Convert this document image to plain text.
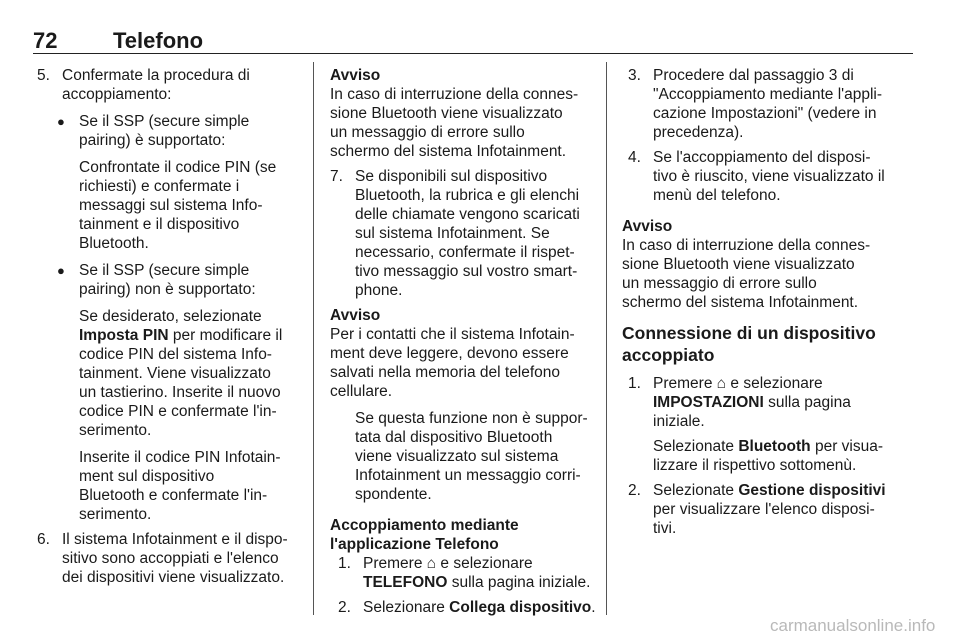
72	Telefono
5. Confermate la procedura di

accoppiamento:

● Se il SSP (secure simple

pairing) è supportato:

Confrontate il codice PIN (se

richiesti) e confermate i

messaggi sul sistema Info-

tainment e il dispositivo

Bluetooth.

● Se il SSP (secure simple

pairing) non è supportato:

Se desiderato, selezionate

Imposta PIN per modificare il

codice PIN del sistema Info-

tainment. Viene visualizzato

un tastierino. Inserite il nuovo

codice PIN e confermate l'in-

serimento.

Inserite il codice PIN Infotain-

ment sul dispositivo

Bluetooth e confermate l'in-

serimento.

6. Il sistema Infotainment e il dispo-

sitivo sono accoppiati e l'elenco

dei dispositivi viene visualizzato.

Avviso

In caso di interruzione della connes-

sione Bluetooth viene visualizzato

un messaggio di errore sullo

schermo del sistema Infotainment.

7. Se disponibili sul dispositivo

Bluetooth, la rubrica e gli elenchi

delle chiamate vengono scaricati

sul sistema Infotainment. Se

necessario, confermate il rispet-

tivo messaggio sul vostro smart-

phone.

Avviso

Per i contatti che il sistema Infotain-

ment deve leggere, devono essere

salvati nella memoria del telefono

cellulare.

Se questa funzione non è suppor-

tata dal dispositivo Bluetooth

viene visualizzato sul sistema

Infotainment un messaggio corri-

spondente.

Accoppiamento mediante

l'applicazione Telefono

1. Premere ⌂ e selezionare

TELEFONO sulla pagina iniziale.

2. Selezionare Collega dispositivo.

3. Procedere dal passaggio 3 di

"Accoppiamento mediante l'appli-

cazione Impostazioni" (vedere in

precedenza).

4. Se l'accoppiamento del disposi-

tivo è riuscito, viene visualizzato il

menù del telefono.

Avviso

In caso di interruzione della connes-

sione Bluetooth viene visualizzato

un messaggio di errore sullo

schermo del sistema Infotainment.

Connessione di un dispositivo

accoppiato

1. Premere ⌂ e selezionare

IMPOSTAZIONI sulla pagina

iniziale.

Selezionate Bluetooth per visua-

lizzare il rispettivo sottomenù.

2. Selezionate Gestione dispositivi

per visualizzare l'elenco disposi-

tivi.

carmanualsonline.info
